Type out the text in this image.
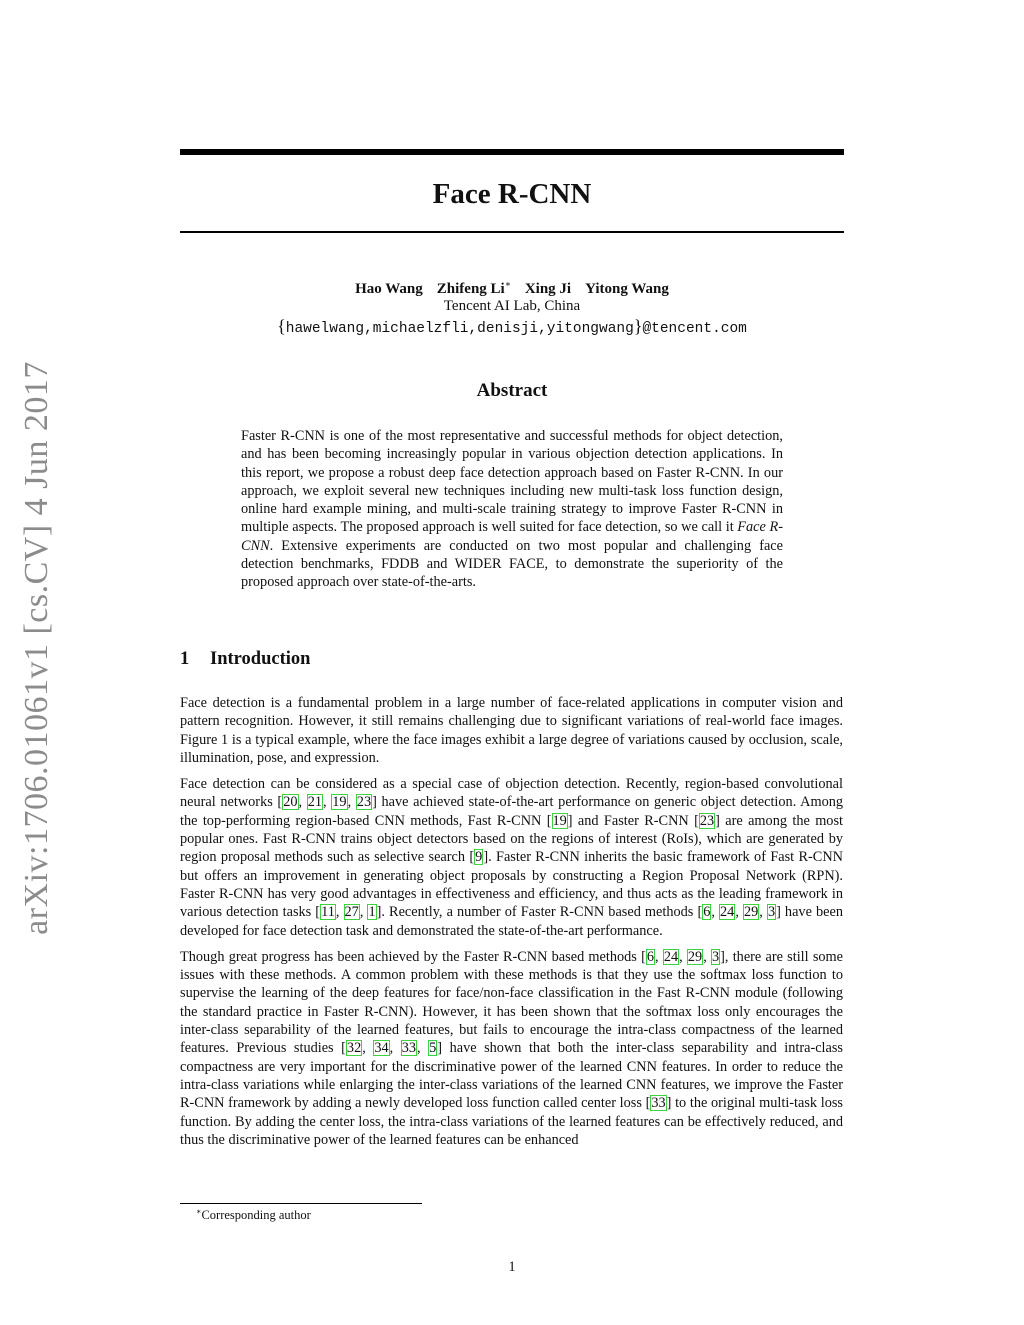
arXiv:1706.01061v1 [cs.CV] 4 Jun 2017
Face R-CNN
Hao Wang Zhifeng Li∗ Xing Ji Yitong Wang
Tencent AI Lab, China
{hawelwang,michaelzfli,denisji,yitongwang}@tencent.com
Abstract
Faster R-CNN is one of the most representative and successful methods for object detection, and has been becoming increasingly popular in various objection detection applications. In this report, we propose a robust deep face detection approach based on Faster R-CNN. In our approach, we exploit several new techniques including new multi-task loss function design, online hard example mining, and multi-scale training strategy to improve Faster R-CNN in multiple aspects. The proposed approach is well suited for face detection, so we call it Face R-CNN. Extensive experiments are conducted on two most popular and challenging face detection benchmarks, FDDB and WIDER FACE, to demonstrate the superiority of the proposed approach over state-of-the-arts.
1 Introduction

Face detection is a fundamental problem in a large number of face-related applications in computer vision and pattern recognition. However, it still remains challenging due to significant variations of real-world face images. Figure 1 is a typical example, where the face images exhibit a large degree of variations caused by occlusion, scale, illumination, pose, and expression.

Face detection can be considered as a special case of objection detection. Recently, region-based convolutional neural networks [20, 21, 19, 23] have achieved state-of-the-art performance on generic object detection. Among the top-performing region-based CNN methods, Fast R-CNN [19] and Faster R-CNN [23] are among the most popular ones. Fast R-CNN trains object detectors based on the regions of interest (RoIs), which are generated by region proposal methods such as selective search [9]. Faster R-CNN inherits the basic framework of Fast R-CNN but offers an improvement in generating object proposals by constructing a Region Proposal Network (RPN). Faster R-CNN has very good advantages in effectiveness and efficiency, and thus acts as the leading framework in various detection tasks [11, 27, 1]. Recently, a number of Faster R-CNN based methods [6, 24, 29, 3] have been developed for face detection task and demonstrated the state-of-the-art performance.

Though great progress has been achieved by the Faster R-CNN based methods [6, 24, 29, 3], there are still some issues with these methods. A common problem with these methods is that they use the softmax loss function to supervise the learning of the deep features for face/non-face classification in the Fast R-CNN module (following the standard practice in Faster R-CNN). However, it has been shown that the softmax loss only encourages the inter-class separability of the learned features, but fails to encourage the intra-class compactness of the learned features. Previous studies [32, 34, 33, 5] have shown that both the inter-class separability and intra-class compactness are very important for the discriminative power of the learned CNN features. In order to reduce the intra-class variations while enlarging the inter-class variations of the learned CNN features, we improve the Faster R-CNN framework by adding a newly developed loss function called center loss [33] to the original multi-task loss function. By adding the center loss, the intra-class variations of the learned features can be effectively reduced, and thus the discriminative power of the learned features can be enhanced

∗Corresponding author
1
